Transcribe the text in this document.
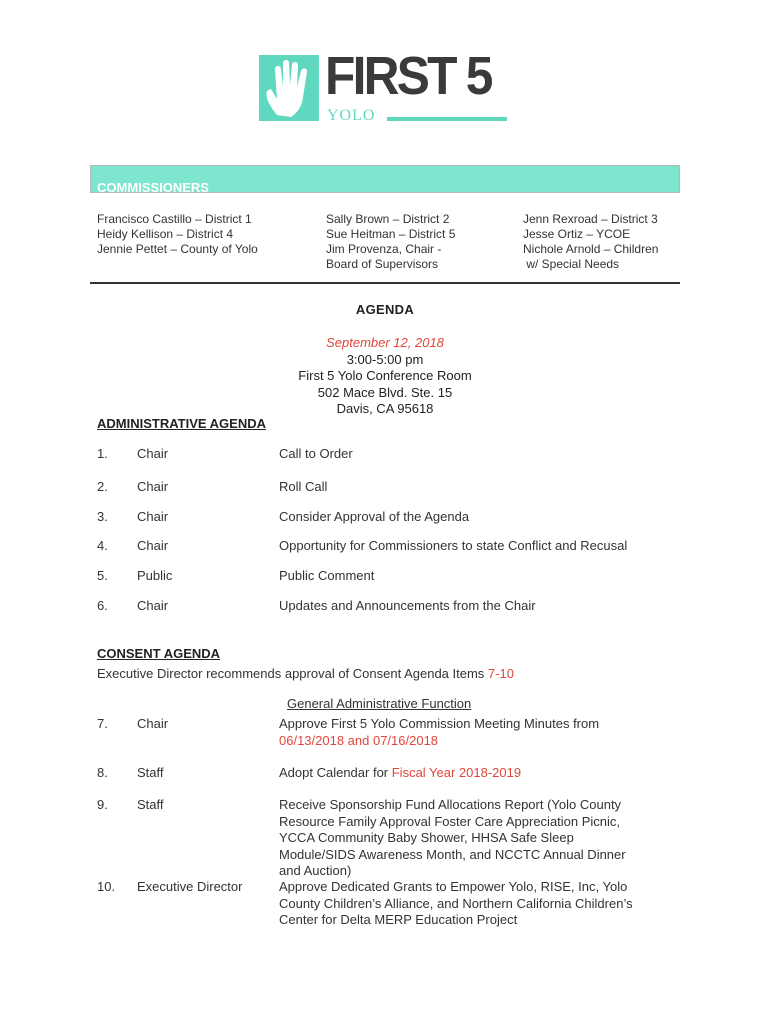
FIRST 5
YOLO
COMMISSIONERS
Francisco Castillo – District 1
Heidy Kellison – District 4
Jennie Pettet – County of Yolo
Sally Brown – District 2
Sue Heitman – District 5
Jim Provenza, Chair -
Board of Supervisors
Jenn Rexroad – District 3
Jesse Ortiz – YCOE
Nichole Arnold – Children
w/ Special Needs
AGENDA
September 12, 2018
3:00-5:00 pm
First 5 Yolo Conference Room
502 Mace Blvd. Ste. 15
Davis, CA 95618
ADMINISTRATIVE AGENDA
1. Chair	Call to Order
2. Chair	Roll Call
3. Chair	Consider Approval of the Agenda
4. Chair	Opportunity for Commissioners to state Conflict and Recusal
5. Public	Public Comment
6. Chair	Updates and Announcements from the Chair
CONSENT AGENDA
Executive Director recommends approval of Consent Agenda Items 7-10
General Administrative Function
7. Chair	Approve First 5 Yolo Commission Meeting Minutes from
06/13/2018 and 07/16/2018
8. Staff	Adopt Calendar for Fiscal Year 2018-2019
9. Staff	Receive Sponsorship Fund Allocations Report (Yolo County
Resource Family Approval Foster Care Appreciation Picnic,
YCCA Community Baby Shower, HHSA Safe Sleep
Module/SIDS Awareness Month, and NCCTC Annual Dinner
and Auction)
10. Executive Director	Approve Dedicated Grants to Empower Yolo, RISE, Inc, Yolo
County Children’s Alliance, and Northern California Children’s
Center for Delta MERP Education Project
